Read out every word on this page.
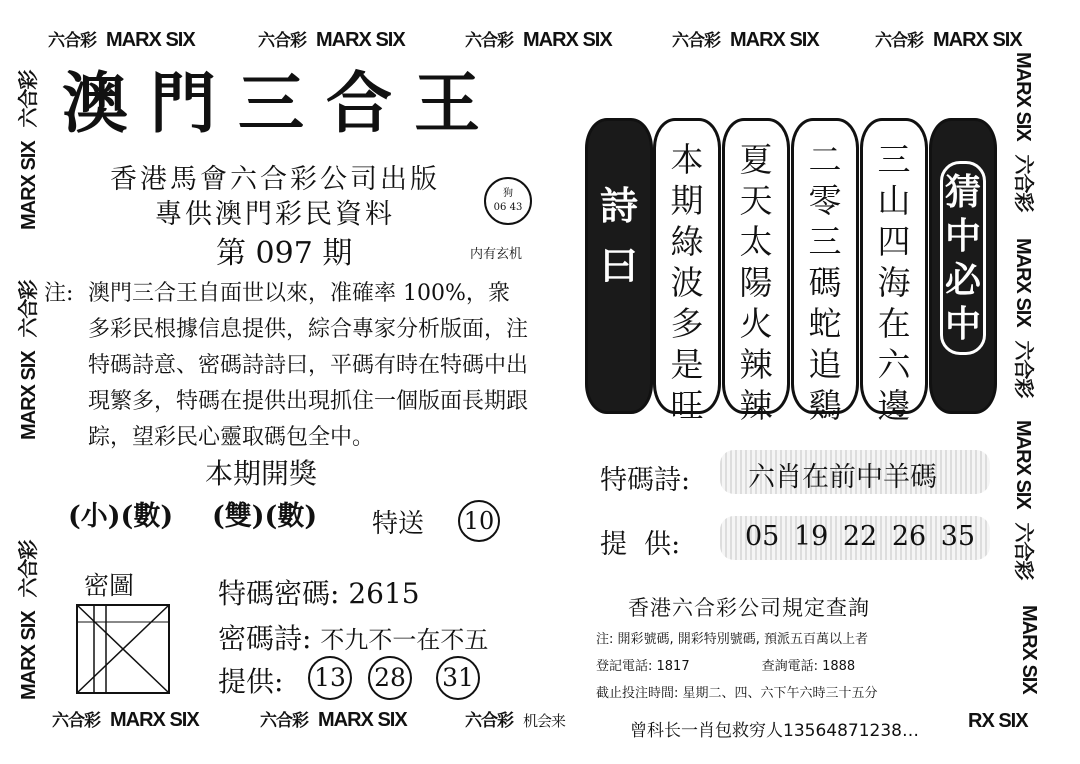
六合彩 MARX SIX	六合彩 MARX SIX	六合彩 MARX SIX	六合彩 MARX SIX	六合彩 MARX SIX
MARX SIX   六合彩
MARX SIX   六合彩
MARX SIX   六合彩
MARX SIX   六合彩
MARX SIX   六合彩
MARX SIX   六合彩
MARX SIX
澳門三合王
香港馬會六合彩公司出版
專供澳門彩民資料
狗
06 43
内有玄机
第 097 期
注: 澳門三合王自面世以來，准確率 100%，衆多彩民根據信息提供，綜合專家分析版面，注特碼詩意、密碼詩詩曰，平碼有時在特碼中出現繁多，特碼在提供出現抓住一個版面長期跟踪，望彩民心靈取碼包全中。
本期開獎
(小)(數) (雙)(數) 特送 10
密圖	特碼密碼: 2615
密碼詩: 不九不一在不五
提供: 13 28 31
六合彩 MARX SIX	六合彩 MARX SIX	六合彩 机会来
詩曰
本期綠波多是旺
夏天太陽火辣辣
二零三碼蛇追鷄
三山四海在六邊
猜中必中
特碼詩: 六肖在前中羊碼
提  供: 05 19 22 26 35
香港六合彩公司規定查詢
注: 開彩號碼, 開彩特別號碼, 預派五百萬以上者
登記電話: 1817	查詢電話: 1888
截止投注時間: 星期二、四、六下午六時三十五分
曾科长一肖包救穷人13564871238… RX SIX
